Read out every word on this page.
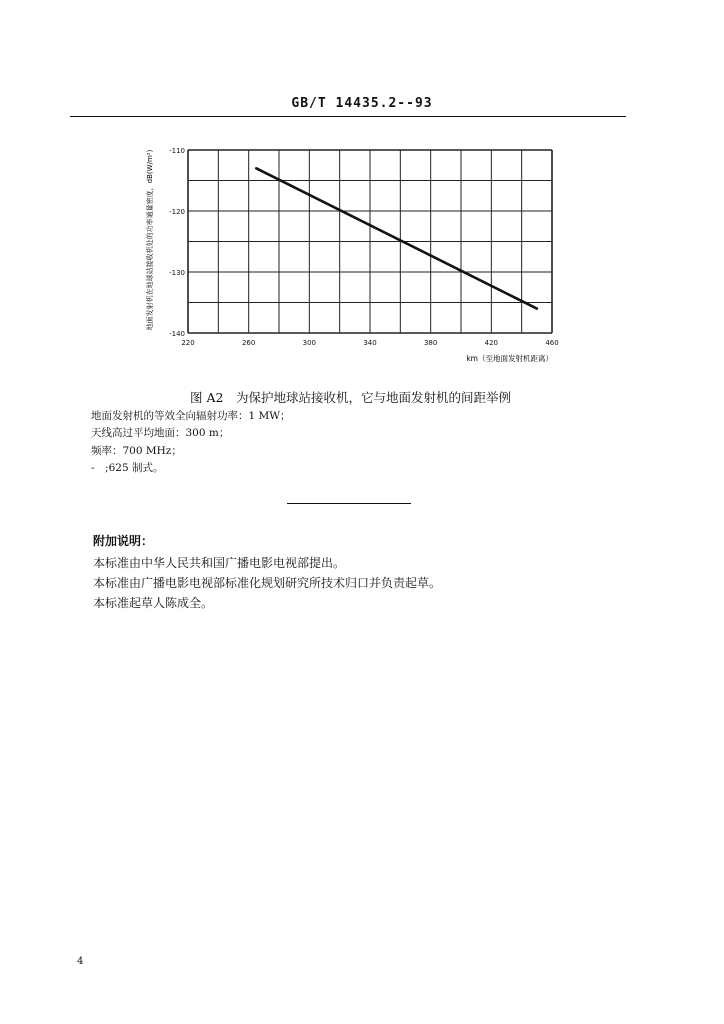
GB/T 14435.2--93
220	260	300	340	380	420	460
-110
-120
-130
-140
km（至地面发射机距离）
地面发射机在地球站接收机处的功率通量密度，dB(W/m²)
图 A2　为保护地球站接收机，它与地面发射机的间距举例
地面发射机的等效全向辐射功率：1 MW；
天线高过平均地面：300 m；
频率：700 MHz；
-　;625 制式。
附加说明：
本标准由中华人民共和国广播电影电视部提出。
本标准由广播电影电视部标准化规划研究所技术归口并负责起草。
本标准起草人陈成全。
4
